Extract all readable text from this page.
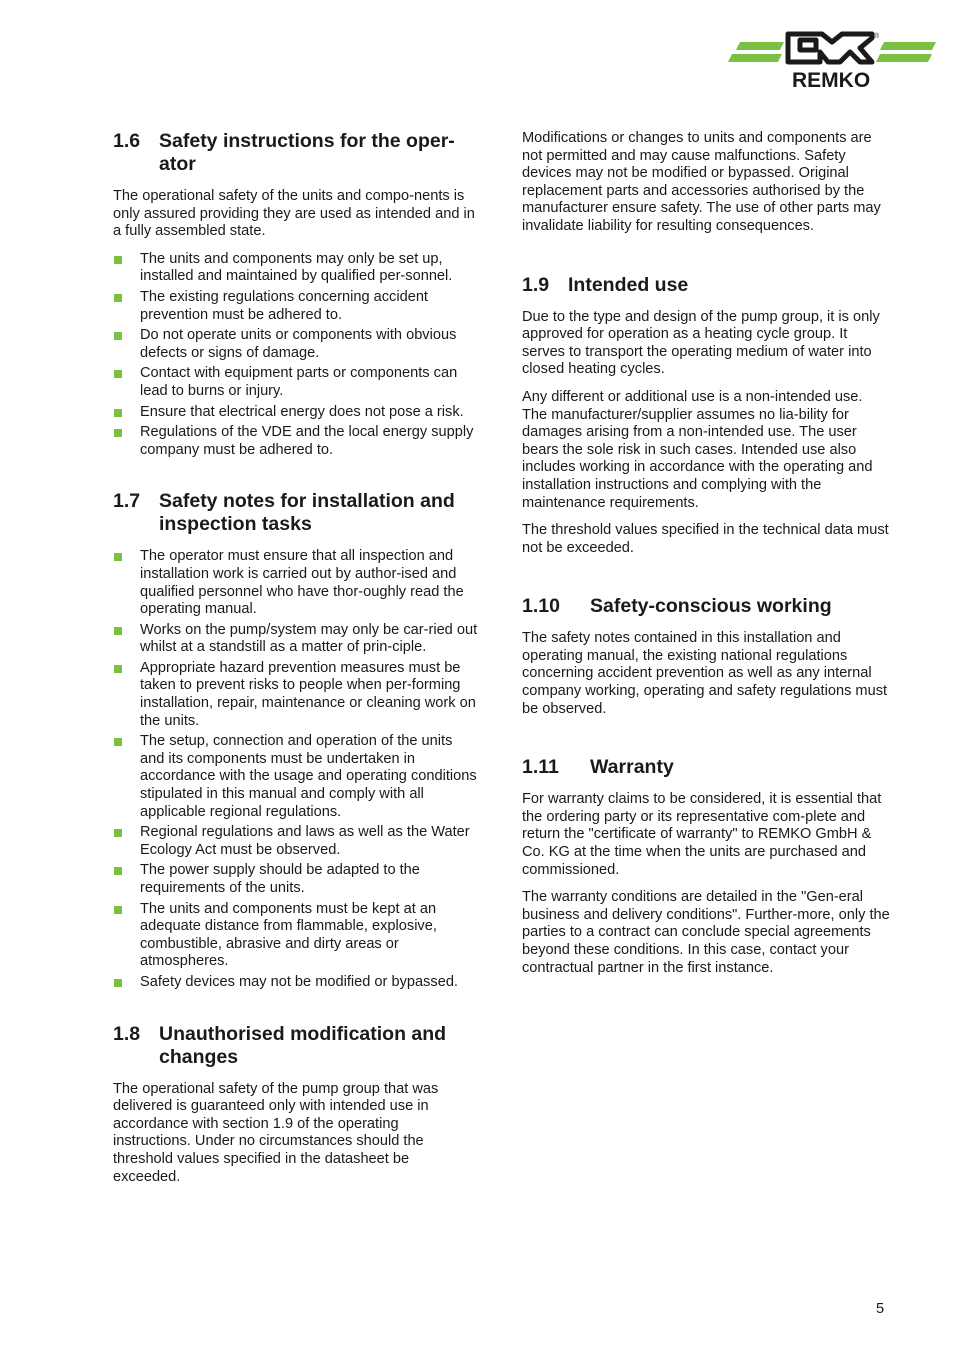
REMKO
®
1.6 Safety instructions for the oper-ator

The operational safety of the units and compo-nents is only assured providing they are used as intended and in a fully assembled state.

The units and components may only be set up, installed and maintained by qualified per-sonnel.
The existing regulations concerning accident prevention must be adhered to.
Do not operate units or components with obvious defects or signs of damage.
Contact with equipment parts or components can lead to burns or injury.
Ensure that electrical energy does not pose a risk.
Regulations of the VDE and the local energy supply company must be adhered to.
1.7 Safety notes for installation and inspection tasks
The operator must ensure that all inspection and installation work is carried out by author-ised and qualified personnel who have thor-oughly read the operating manual.
Works on the pump/system may only be car-ried out whilst at a standstill as a matter of prin-ciple.
Appropriate hazard prevention measures must be taken to prevent risks to people when per-forming installation, repair, maintenance or cleaning work on the units.
The setup, connection and operation of the units and its components must be undertaken in accordance with the usage and operating conditions stipulated in this manual and comply with all applicable regional regulations.
Regional regulations and laws as well as the Water Ecology Act must be observed.
The power supply should be adapted to the requirements of the units.
The units and components must be kept at an adequate distance from flammable, explosive, combustible, abrasive and dirty areas or atmospheres.
Safety devices may not be modified or bypassed.
1.8 Unauthorised modification and changes

The operational safety of the pump group that was delivered is guaranteed only with intended use in accordance with section 1.9 of the operating instructions. Under no circumstances should the threshold values specified in the datasheet be exceeded.

Modifications or changes to units and components are not permitted and may cause malfunctions. Safety devices may not be modified or bypassed. Original replacement parts and accessories authorised by the manufacturer ensure safety. The use of other parts may invalidate liability for resulting consequences.

1.9 Intended use

Due to the type and design of the pump group, it is only approved for operation as a heating cycle group. It serves to transport the operating medium of water into closed heating cycles.

Any different or additional use is a non-intended use. The manufacturer/supplier assumes no lia-bility for damages arising from a non-intended use. The user bears the sole risk in such cases. Intended use also includes working in accordance with the operating and installation instructions and complying with the maintenance requirements.

The threshold values specified in the technical data must not be exceeded.

1.10	Safety-conscious working

The safety notes contained in this installation and operating manual, the existing national regulations concerning accident prevention as well as any internal company working, operating and safety regulations must be observed.

1.11	Warranty

For warranty claims to be considered, it is essential that the ordering party or its representative com-plete and return the "certificate of warranty" to REMKO GmbH & Co. KG at the time when the units are purchased and commissioned.

The warranty conditions are detailed in the "Gen-eral business and delivery conditions". Further-more, only the parties to a contract can conclude special agreements beyond these conditions. In this case, contact your contractual partner in the first instance.

5
